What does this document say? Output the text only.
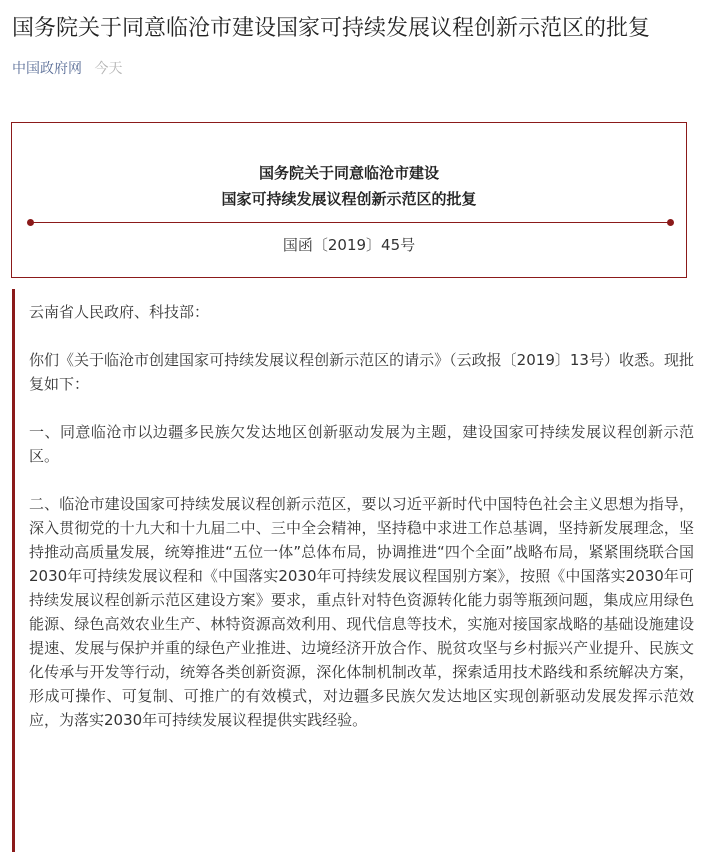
国务院关于同意临沧市建设国家可持续发展议程创新示范区的批复
中国政府网 今天
国务院关于同意临沧市建设
国家可持续发展议程创新示范区的批复
国函〔2019〕45号

云南省人民政府、科技部：

你们《关于临沧市创建国家可持续发展议程创新示范区的请示》（云政报〔2019〕13号）收悉。现批复如下：

一、同意临沧市以边疆多民族欠发达地区创新驱动发展为主题，建设国家可持续发展议程创新示范区。

二、临沧市建设国家可持续发展议程创新示范区，要以习近平新时代中国特色社会主义思想为指导，深入贯彻党的十九大和十九届二中、三中全会精神，坚持稳中求进工作总基调，坚持新发展理念，坚持推动高质量发展，统筹推进“五位一体”总体布局，协调推进“四个全面”战略布局，紧紧围绕联合国2030年可持续发展议程和《中国落实2030年可持续发展议程国别方案》，按照《中国落实2030年可持续发展议程创新示范区建设方案》要求，重点针对特色资源转化能力弱等瓶颈问题，集成应用绿色能源、绿色高效农业生产、林特资源高效利用、现代信息等技术，实施对接国家战略的基础设施建设提速、发展与保护并重的绿色产业推进、边境经济开放合作、脱贫攻坚与乡村振兴产业提升、民族文化传承与开发等行动，统筹各类创新资源，深化体制机制改革，探索适用技术路线和系统解决方案，形成可操作、可复制、可推广的有效模式，对边疆多民族欠发达地区实现创新驱动发展发挥示范效应，为落实2030年可持续发展议程提供实践经验。
